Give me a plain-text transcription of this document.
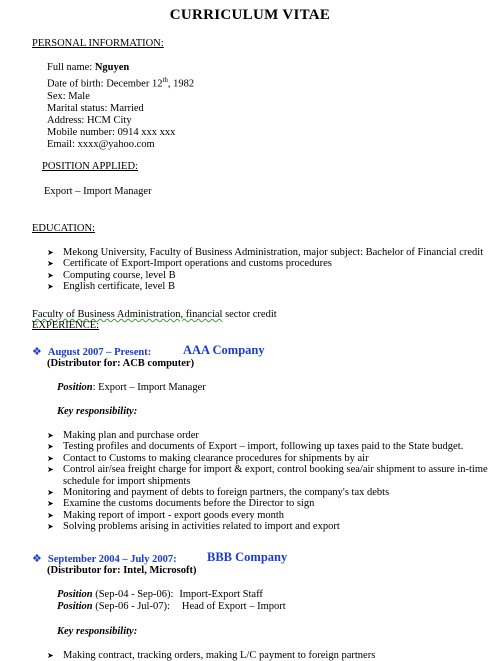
CURRICULUM VITAE
PERSONAL INFORMATION:
Full name: Nguyen
Date of birth: December 12th, 1982
Sex: Male
Marital status: Married
Address: HCM City
Mobile number: 0914 xxx xxx
Email: xxxx@yahoo.com
POSITION APPLIED:
Export – Import Manager
EDUCATION:
➤ Mekong University, Faculty of Business Administration, major subject: Bachelor of Financial credit
➤ Certificate of Export-Import operations and customs procedures
➤ Computing course, level B
➤ English certificate, level B
Faculty of Business Administration, financial sector credit
EXPERIENCE:
❖ August 2007 – Present:	AAA Company
(Distributor for: ACB computer)
Position: Export – Import Manager
Key responsibility:
➤ Making plan and purchase order
➤ Testing profiles and documents of Export – import, following up taxes paid to the State budget.
➤ Contact to Customs to making clearance procedures for shipments by air
➤ Control air/sea freight charge for import & export, control booking sea/air shipment to assure in-time schedule for import shipments
➤ Monitoring and payment of debts to foreign partners, the company's tax debts
➤ Examine the customs documents before the Director to sign
➤ Making report of import - export goods every month
➤ Solving problems arising in activities related to import and export
❖ September 2004 – July 2007: BBB Company
(Distributor for: Intel, Microsoft)
Position (Sep-04 - Sep-06): Import-Export Staff
Position (Sep-06 - Jul-07): Head of Export – Import
Key responsibility:
➤ Making contract, tracking orders, making L/C payment to foreign partners
